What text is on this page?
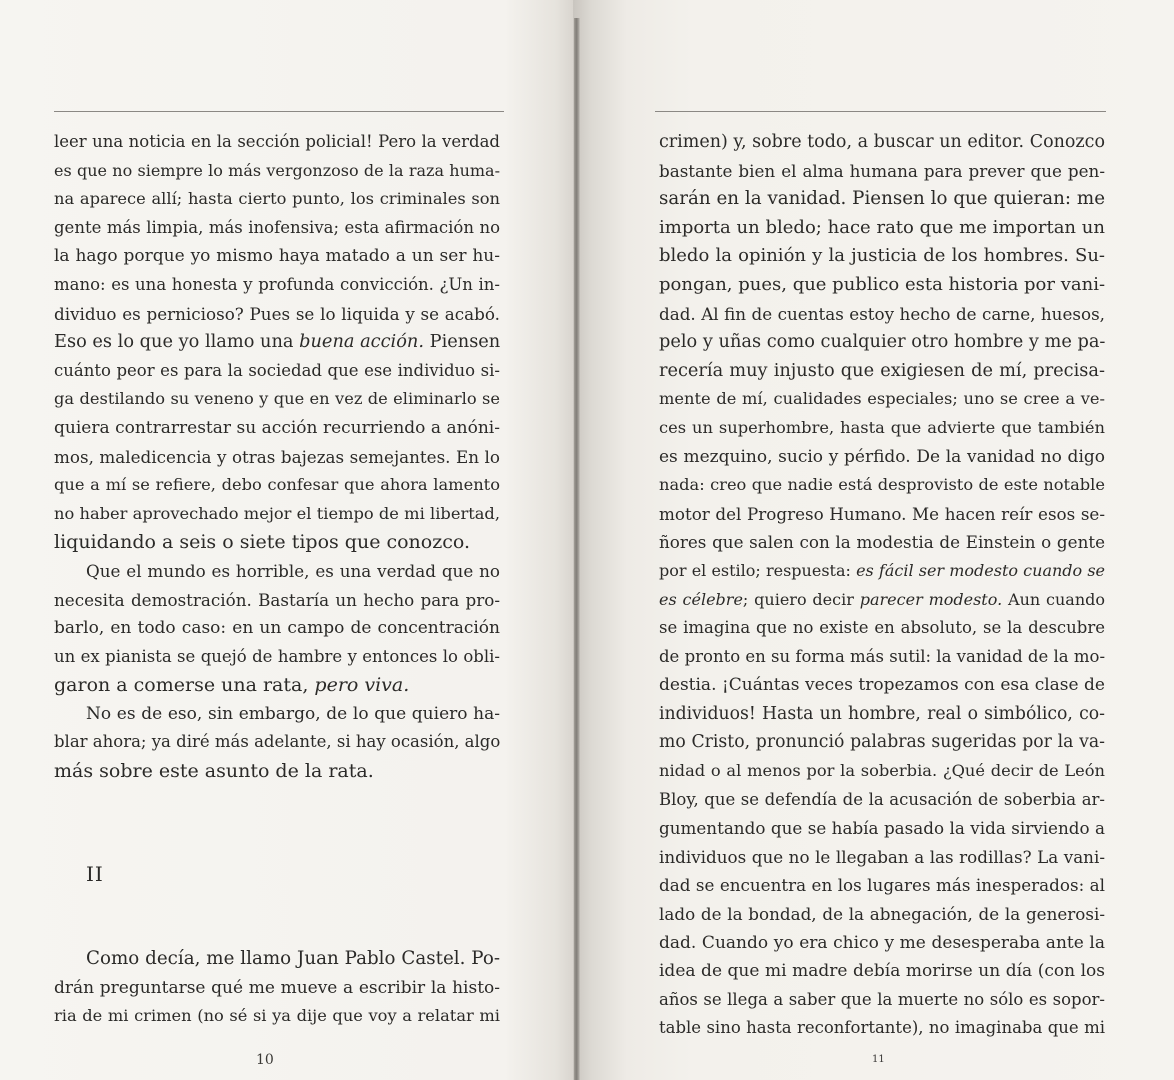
leer una noticia en la sección policial! Pero la verdad
es que no siempre lo más vergonzoso de la raza huma-
na aparece allí; hasta cierto punto, los criminales son
gente más limpia, más inofensiva; esta afirmación no
la hago porque yo mismo haya matado a un ser hu-
mano: es una honesta y profunda convicción. ¿Un in-
dividuo es pernicioso? Pues se lo liquida y se acabó.
Eso es lo que yo llamo una buena acción. Piensen
cuánto peor es para la sociedad que ese individuo si-
ga destilando su veneno y que en vez de eliminarlo se
quiera contrarrestar su acción recurriendo a anóni-
mos, maledicencia y otras bajezas semejantes. En lo
que a mí se refiere, debo confesar que ahora lamento
no haber aprovechado mejor el tiempo de mi libertad,
liquidando a seis o siete tipos que conozco.
Que el mundo es horrible, es una verdad que no
necesita demostración. Bastaría un hecho para pro-
barlo, en todo caso: en un campo de concentración
un ex pianista se quejó de hambre y entonces lo obli-
garon a comerse una rata, pero viva.
No es de eso, sin embargo, de lo que quiero ha-
blar ahora; ya diré más adelante, si hay ocasión, algo
más sobre este asunto de la rata.
II
Como decía, me llamo Juan Pablo Castel. Po-
drán preguntarse qué me mueve a escribir la histo-
ria de mi crimen (no sé si ya dije que voy a relatar mi
10
crimen) y, sobre todo, a buscar un editor. Conozco
bastante bien el alma humana para prever que pen-
sarán en la vanidad. Piensen lo que quieran: me
importa un bledo; hace rato que me importan un
bledo la opinión y la justicia de los hombres. Su-
pongan, pues, que publico esta historia por vani-
dad. Al fin de cuentas estoy hecho de carne, huesos,
pelo y uñas como cualquier otro hombre y me pa-
recería muy injusto que exigiesen de mí, precisa-
mente de mí, cualidades especiales; uno se cree a ve-
ces un superhombre, hasta que advierte que también
es mezquino, sucio y pérfido. De la vanidad no digo
nada: creo que nadie está desprovisto de este notable
motor del Progreso Humano. Me hacen reír esos se-
ñores que salen con la modestia de Einstein o gente
por el estilo; respuesta: es fácil ser modesto cuando se
es célebre; quiero decir parecer modesto. Aun cuando
se imagina que no existe en absoluto, se la descubre
de pronto en su forma más sutil: la vanidad de la mo-
destia. ¡Cuántas veces tropezamos con esa clase de
individuos! Hasta un hombre, real o simbólico, co-
mo Cristo, pronunció palabras sugeridas por la va-
nidad o al menos por la soberbia. ¿Qué decir de León
Bloy, que se defendía de la acusación de soberbia ar-
gumentando que se había pasado la vida sirviendo a
individuos que no le llegaban a las rodillas? La vani-
dad se encuentra en los lugares más inesperados: al
lado de la bondad, de la abnegación, de la generosi-
dad. Cuando yo era chico y me desesperaba ante la
idea de que mi madre debía morirse un día (con los
años se llega a saber que la muerte no sólo es sopor-
table sino hasta reconfortante), no imaginaba que mi
11
